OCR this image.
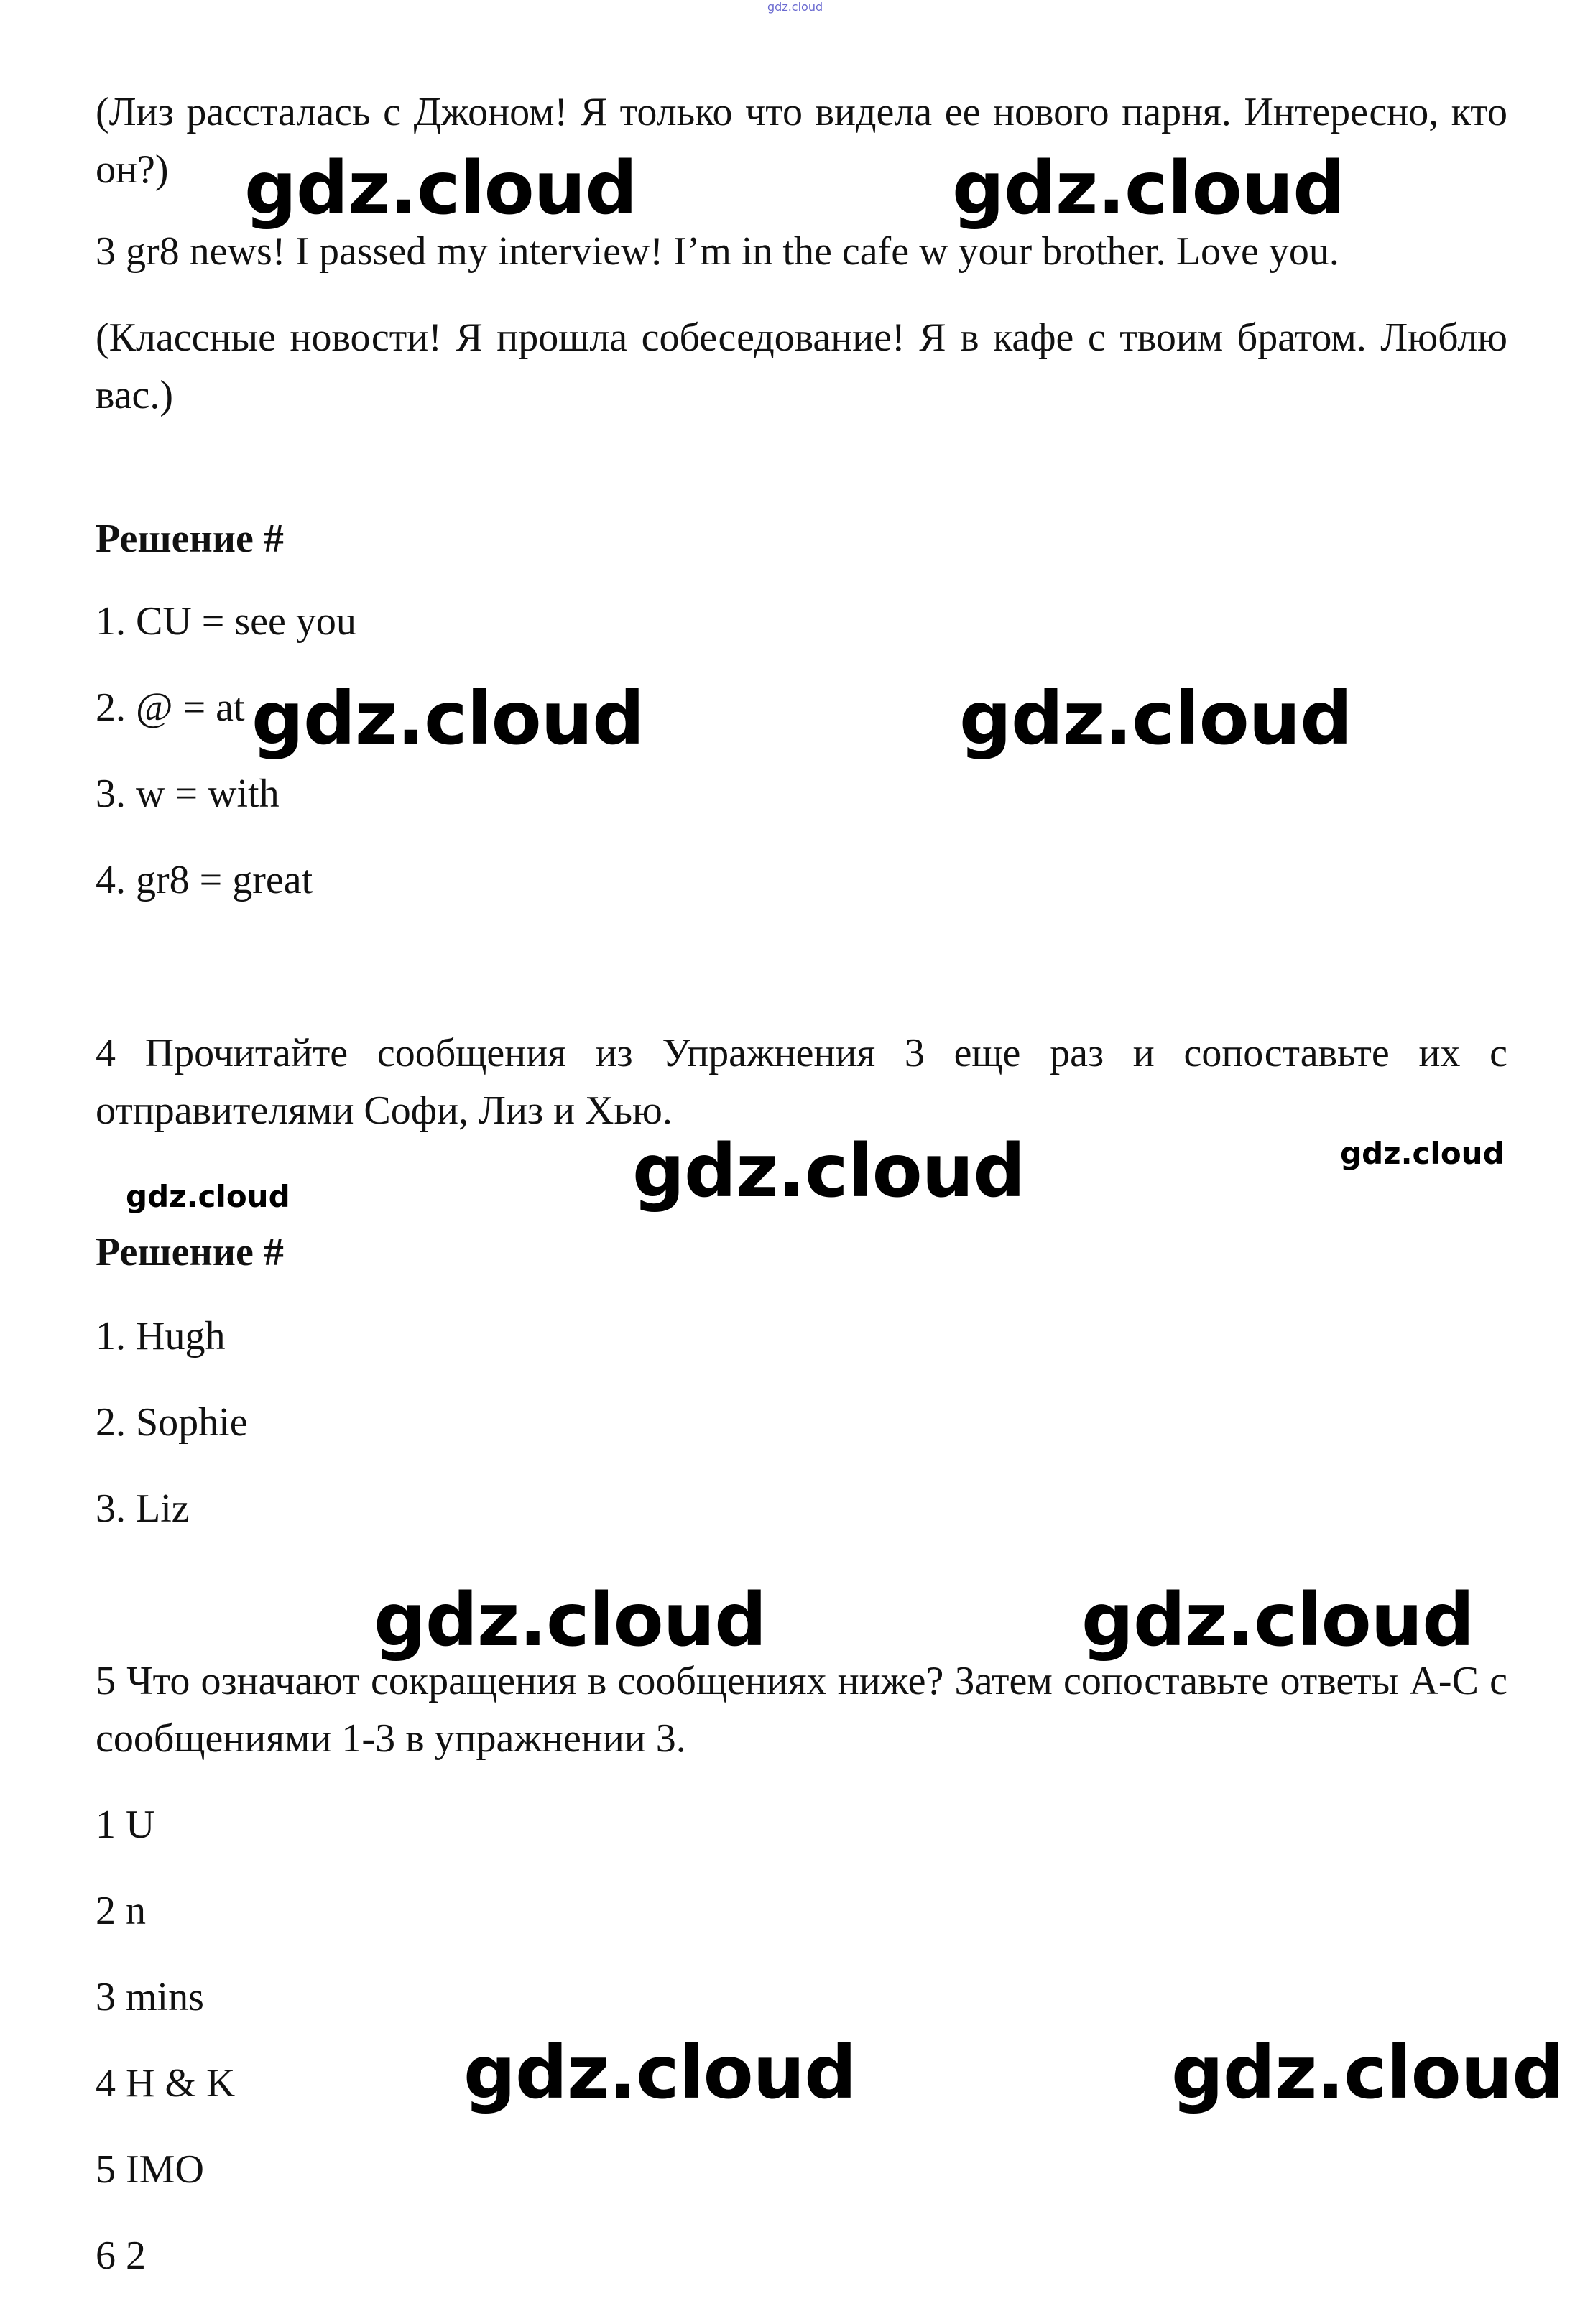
gdz.cloud

(Лиз рассталась с Джоном! Я только что видела ее нового парня. Интересно, кто он?)

3 gr8 news! I passed my interview! I’m in the cafe w your brother. Love you.

(Классные новости! Я прошла собеседование! Я в кафе с твоим братом. Люблю вас.)

Решение #

1. CU = see you

2. @ = at

3. w = with

4. gr8 = great

4 Прочитайте сообщения из Упражнения 3 еще раз и сопоставьте их с отправителями Софи, Лиз и Хью.

Решение #

1. Hugh

2. Sophie

3. Liz

5 Что означают сокращения в сообщениях ниже? Затем сопоставьте ответы A-C с сообщениями 1-3 в упражнении 3.

1 U

2 n

3 mins

4 H & K

5 IMO

6 2

gdz.cloud	gdz.cloud
gdz.cloud	gdz.cloud
gdz.cloud	gdz.cloud
gdz.cloud
gdz.cloud	gdz.cloud
gdz.cloud	gdz.cloud
